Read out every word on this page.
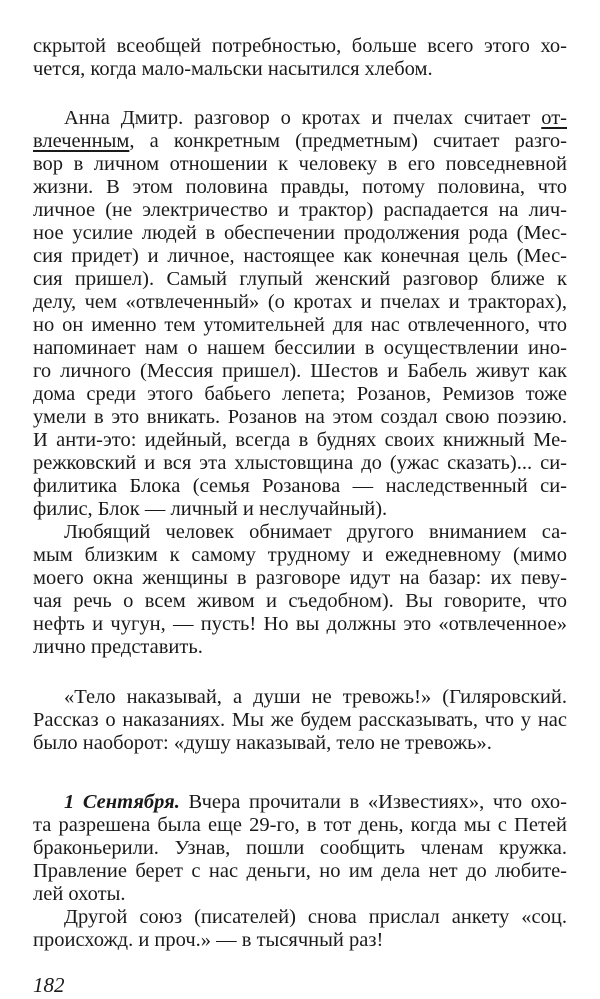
скрытой всеобщей потребностью, больше всего этого хо-
чется, когда мало-мальски насытился хлебом.
Анна Дмитр. разговор о кротах и пчелах считает от-
влеченным, а конкретным (предметным) считает разго-
вор в личном отношении к человеку в его повседневной
жизни. В этом половина правды, потому половина, что
личное (не электричество и трактор) распадается на лич-
ное усилие людей в обеспечении продолжения рода (Мес-
сия придет) и личное, настоящее как конечная цель (Мес-
сия пришел). Самый глупый женский разговор ближе к
делу, чем «отвлеченный» (о кротах и пчелах и тракторах),
но он именно тем утомительней для нас отвлеченного, что
напоминает нам о нашем бессилии в осуществлении ино-
го личного (Мессия пришел). Шестов и Бабель живут как
дома среди этого бабьего лепета; Розанов, Ремизов тоже
умели в это вникать. Розанов на этом создал свою поэзию.
И анти-это: идейный, всегда в буднях своих книжный Ме-
режковский и вся эта хлыстовщина до (ужас сказать)... си-
филитика Блока (семья Розанова — наследственный си-
филис, Блок — личный и неслучайный).
Любящий человек обнимает другого вниманием са-
мым близким к самому трудному и ежедневному (мимо
моего окна женщины в разговоре идут на базар: их певу-
чая речь о всем живом и съедобном). Вы говорите, что
нефть и чугун, — пусть! Но вы должны это «отвлеченное»
лично представить.
«Тело наказывай, а души не тревожь!» (Гиляровский.
Рассказ о наказаниях. Мы же будем рассказывать, что у нас
было наоборот: «душу наказывай, тело не тревожь».
1 Сентября. Вчера прочитали в «Известиях», что охо-
та разрешена была еще 29-го, в тот день, когда мы с Петей
браконьерили. Узнав, пошли сообщить членам кружка.
Правление берет с нас деньги, но им дела нет до любите-
лей охоты.
Другой союз (писателей) снова прислал анкету «соц.
происхожд. и проч.» — в тысячный раз!
182
